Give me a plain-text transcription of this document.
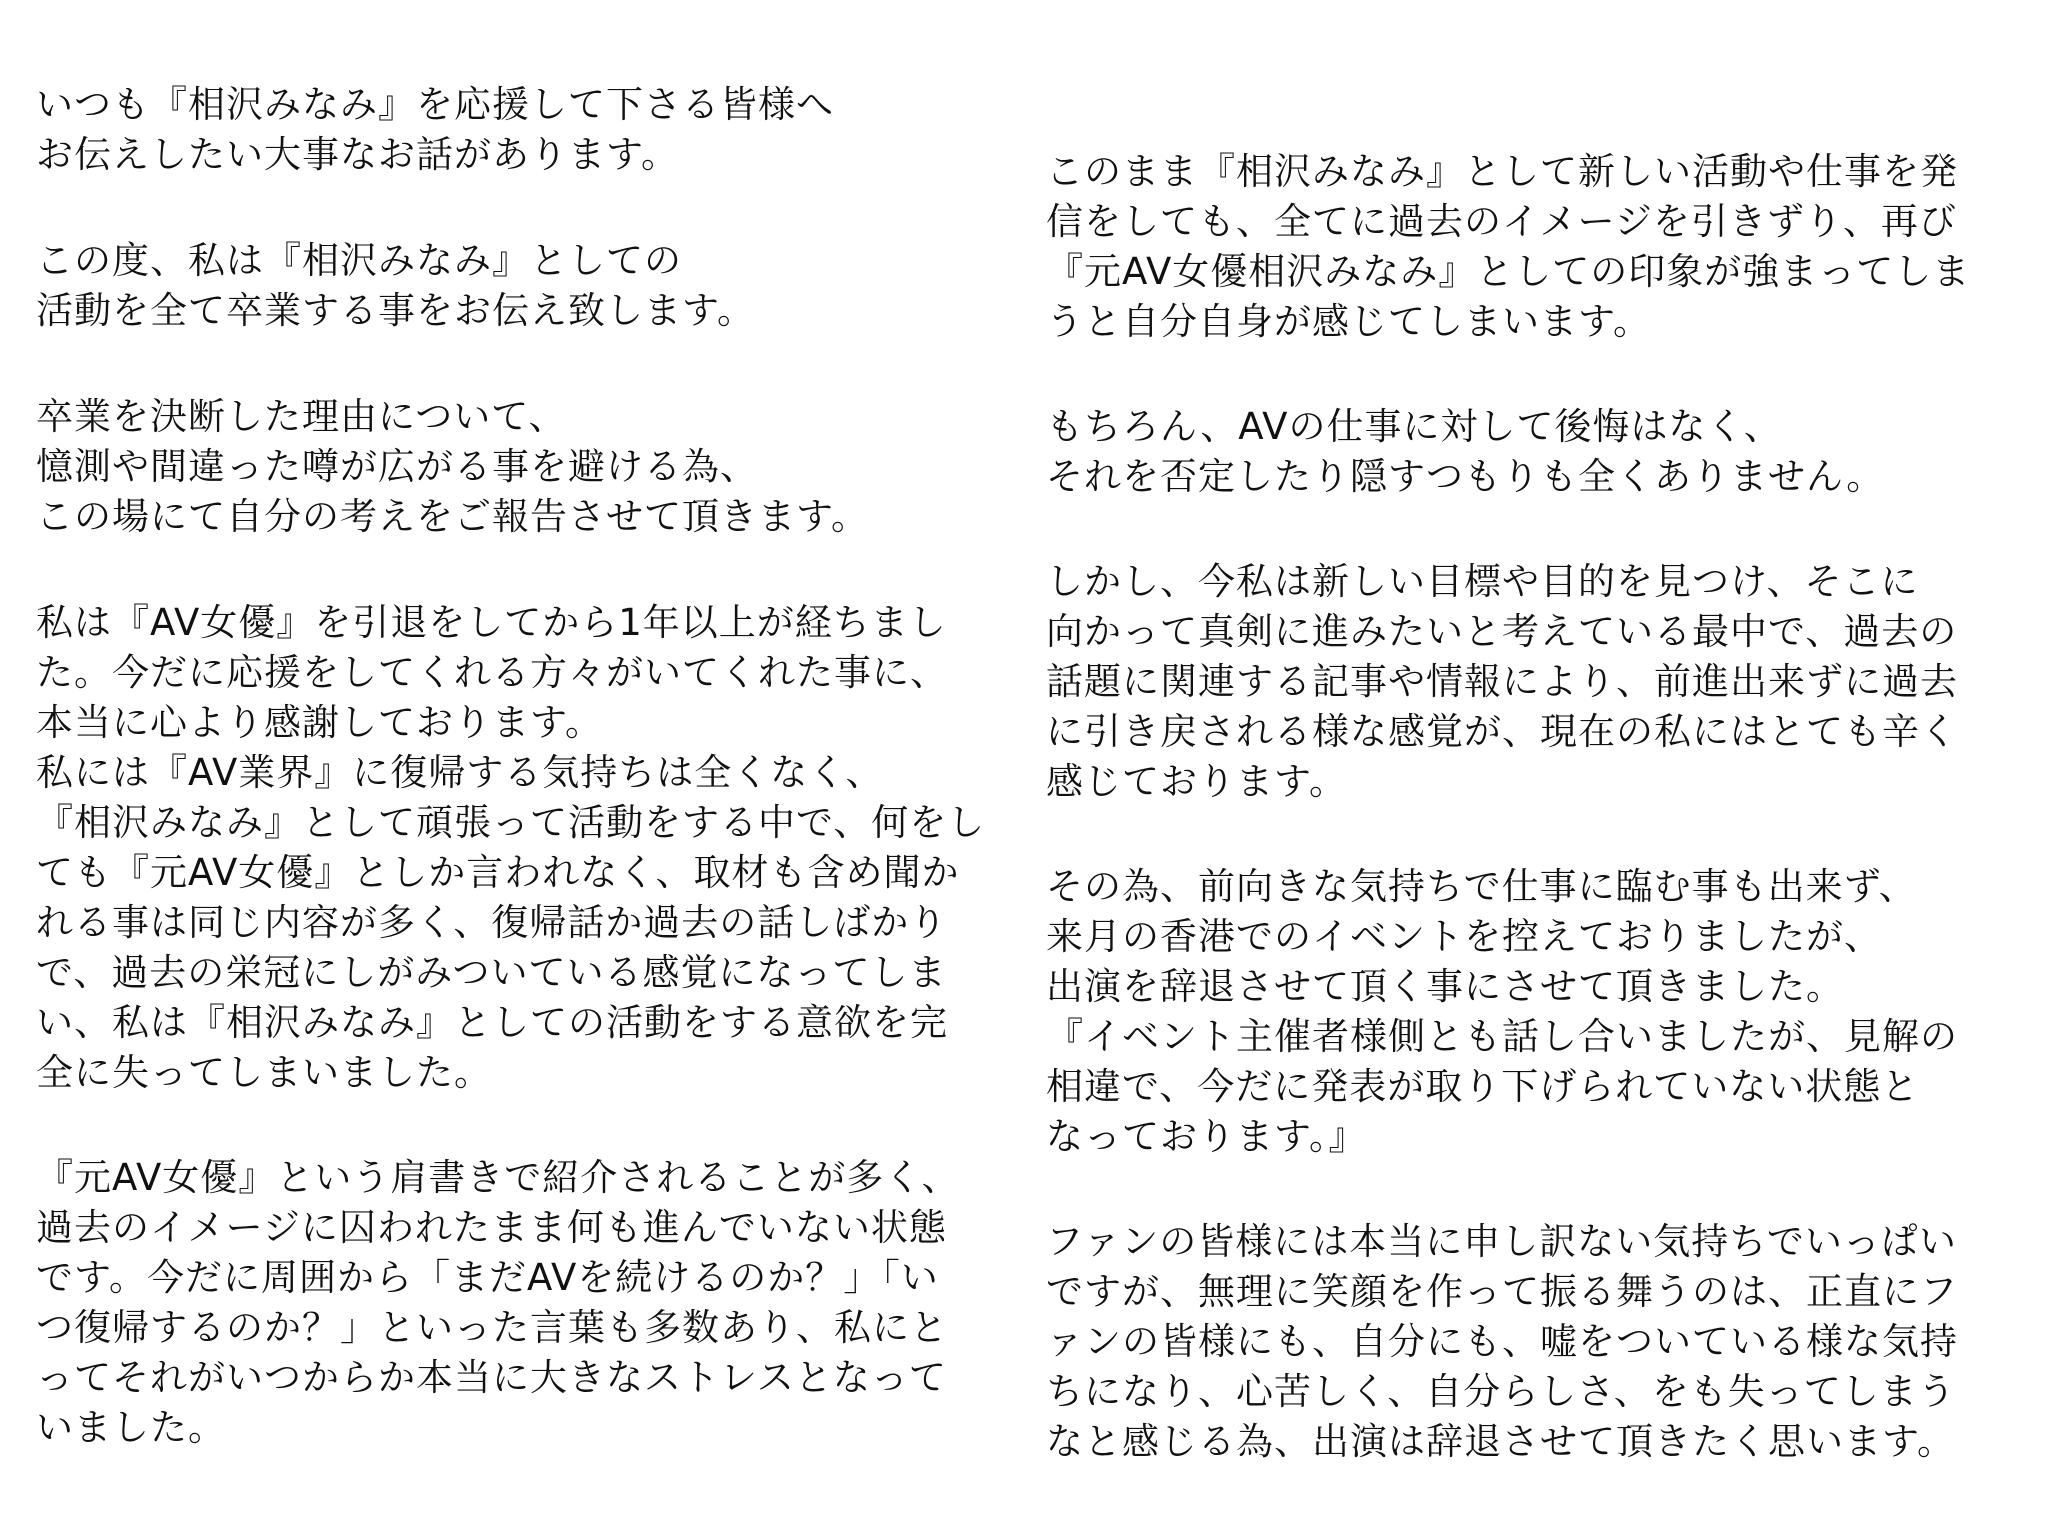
いつも『相沢みなみ』を応援して下さる皆様へ
お伝えしたい大事なお話があります。
この度、私は『相沢みなみ』としての
活動を全て卒業する事をお伝え致します。
卒業を決断した理由について、
憶測や間違った噂が広がる事を避ける為、
この場にて自分の考えをご報告させて頂きます。
私は『AV女優』を引退をしてから1年以上が経ちまし
た。今だに応援をしてくれる方々がいてくれた事に、
本当に心より感謝しております。
私には『AV業界』に復帰する気持ちは全くなく、
『相沢みなみ』として頑張って活動をする中で、何をし
ても『元AV女優』としか言われなく、取材も含め聞か
れる事は同じ内容が多く、復帰話か過去の話しばかり
で、過去の栄冠にしがみついている感覚になってしま
い、私は『相沢みなみ』としての活動をする意欲を完
全に失ってしまいました。
『元AV女優』という肩書きで紹介されることが多く、
過去のイメージに囚われたまま何も進んでいない状態
です。今だに周囲から「まだAVを続けるのか？」「い
つ復帰するのか？」といった言葉も多数あり、私にと
ってそれがいつからか本当に大きなストレスとなって
いました。
このまま『相沢みなみ』として新しい活動や仕事を発
信をしても、全てに過去のイメージを引きずり、再び
『元AV女優相沢みなみ』としての印象が強まってしま
うと自分自身が感じてしまいます。
もちろん、AVの仕事に対して後悔はなく、
それを否定したり隠すつもりも全くありません。
しかし、今私は新しい目標や目的を見つけ、そこに
向かって真剣に進みたいと考えている最中で、過去の
話題に関連する記事や情報により、前進出来ずに過去
に引き戻される様な感覚が、現在の私にはとても辛く
感じております。
その為、前向きな気持ちで仕事に臨む事も出来ず、
来月の香港でのイベントを控えておりましたが、
出演を辞退させて頂く事にさせて頂きました。
『イベント主催者様側とも話し合いましたが、見解の
相違で、今だに発表が取り下げられていない状態と
なっております。』
ファンの皆様には本当に申し訳ない気持ちでいっぱい
ですが、無理に笑顔を作って振る舞うのは、正直にフ
ァンの皆様にも、自分にも、嘘をついている様な気持
ちになり、心苦しく、自分らしさ、をも失ってしまう
なと感じる為、出演は辞退させて頂きたく思います。
